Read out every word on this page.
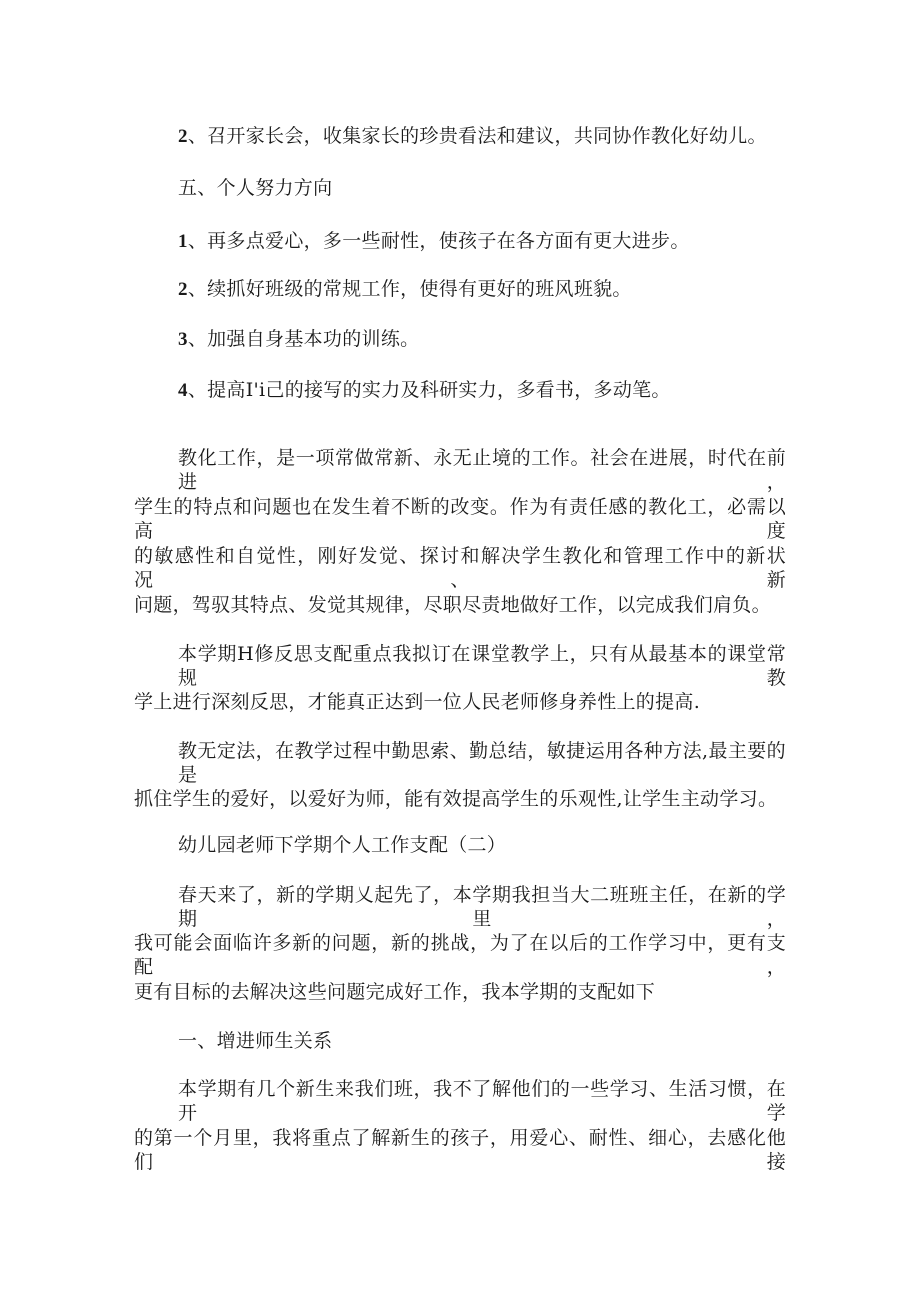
2、召开家长会，收集家长的珍贵看法和建议，共同协作教化好幼儿。
五、个人努力方向
1、再多点爱心，多一些耐性，使孩子在各方面有更大进步。
2、续抓好班级的常规工作，使得有更好的班风班貌。
3、加强自身基本功的训练。
4、提高I'i己的接写的实力及科研实力，多看书，多动笔。
教化工作，是一项常做常新、永无止境的工作。社会在进展，时代在前进，
学生的特点和问题也在发生着不断的改变。作为有责任感的教化工，必需以高度
的敏感性和自觉性，刚好发觉、探讨和解决学生教化和管理工作中的新状况、新
问题，驾驭其特点、发觉其规律，尽职尽责地做好工作，以完成我们肩负。
本学期H修反思支配重点我拟订在课堂教学上，只有从最基本的课堂常规教
学上进行深刻反思，才能真正达到一位人民老师修身养性上的提高.
教无定法，在教学过程中勤思索、勤总结，敏捷运用各种方法,最主要的是
抓住学生的爱好，以爱好为师，能有效提高学生的乐观性,让学生主动学习。
幼儿园老师下学期个人工作支配（二）
春天来了，新的学期乂起先了，本学期我担当大二班班主任，在新的学期里，
我可能会面临许多新的问题，新的挑战，为了在以后的工作学习中，更有支配，
更有目标的去解决这些问题完成好工作，我本学期的支配如下
一、增进师生关系
本学期有几个新生来我们班，我不了解他们的一些学习、生活习惯，在开学
的第一个月里，我将重点了解新生的孩子，用爱心、耐性、细心，去感化他们接
